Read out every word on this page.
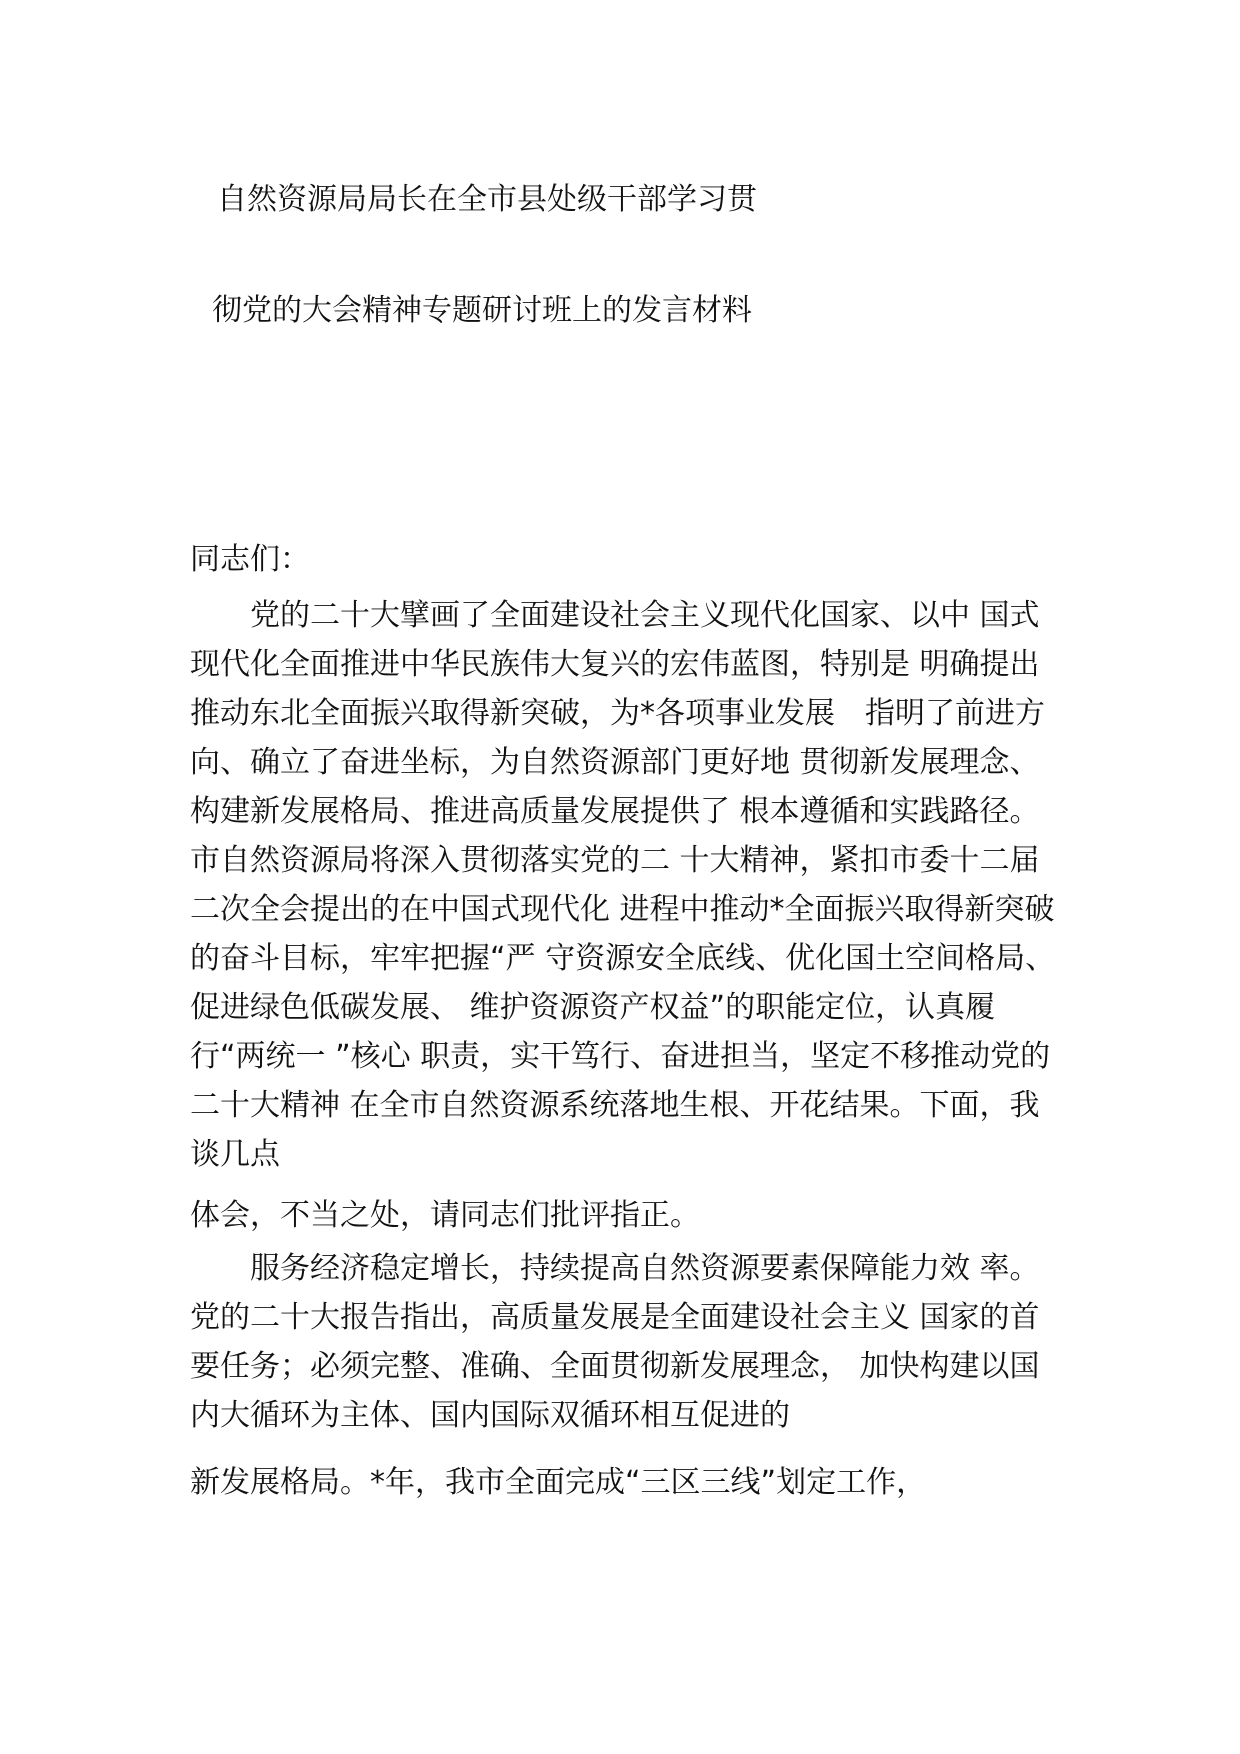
自然资源局局长在全市县处级干部学习贯
彻党的大会精神专题研讨班上的发言材料
同志们：
　　党的二十大擘画了全面建设社会主义现代化国家、以中 国式
现代化全面推进中华民族伟大复兴的宏伟蓝图，特别是 明确提出
推动东北全面振兴取得新突破，为*各项事业发展　指明了前进方
向、确立了奋进坐标，为自然资源部门更好地 贯彻新发展理念、
构建新发展格局、推进高质量发展提供了 根本遵循和实践路径。
市自然资源局将深入贯彻落实党的二 十大精神，紧扣市委十二届
二次全会提出的在中国式现代化 进程中推动*全面振兴取得新突破
的奋斗目标，牢牢把握“严 守资源安全底线、优化国土空间格局、
促进绿色低碳发展、 维护资源资产权益”的职能定位，认真履
行“两统一 ”核心 职责，实干笃行、奋进担当，坚定不移推动党的
二十大精神 在全市自然资源系统落地生根、开花结果。下面，我
谈几点
体会，不当之处，请同志们批评指正。
　　服务经济稳定增长，持续提高自然资源要素保障能力效 率。
党的二十大报告指出，高质量发展是全面建设社会主义 国家的首
要任务；必须完整、准确、全面贯彻新发展理念， 加快构建以国
内大循环为主体、国内国际双循环相互促进的
新发展格局。*年，我市全面完成“三区三线”划定工作，
